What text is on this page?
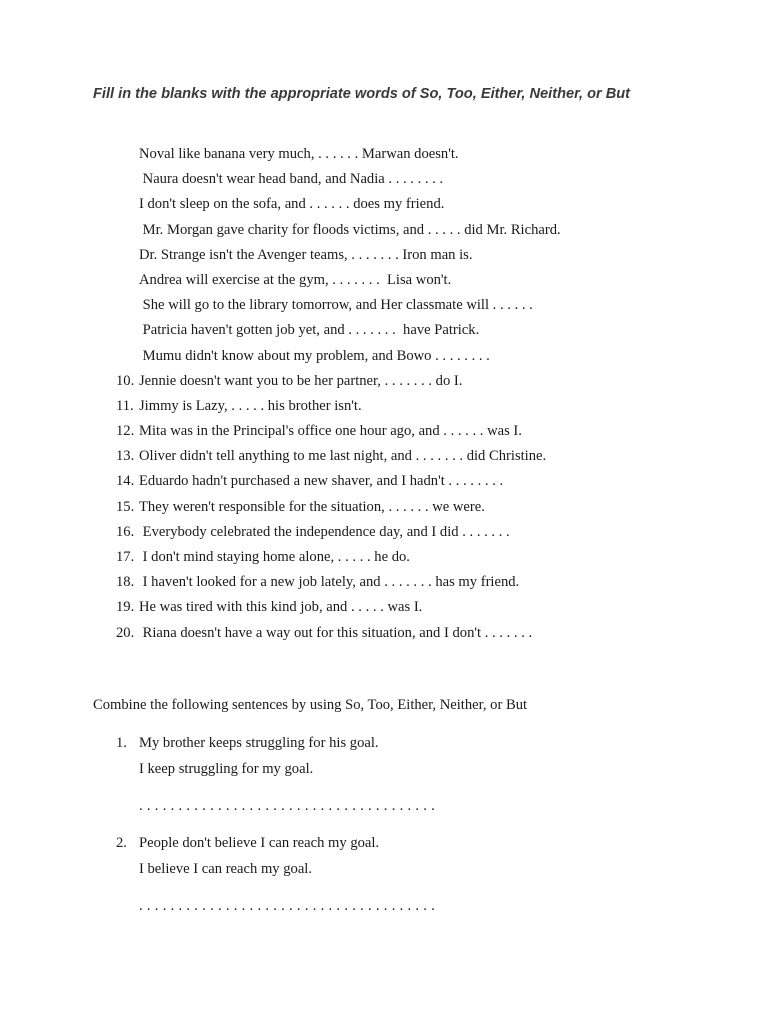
Fill in the blanks with the appropriate words of So, Too, Either, Neither, or But
Noval like banana very much, . . . . . . Marwan doesn't.
Naura doesn't wear head band, and Nadia . . . . . . . .
I don't sleep on the sofa, and . . . . . . does my friend.
Mr. Morgan gave charity for floods victims, and . . . . . did Mr. Richard.
Dr. Strange isn't the Avenger teams, . . . . . . . Iron man is.
Andrea will exercise at the gym, . . . . . . .  Lisa won't.
She will go to the library tomorrow, and Her classmate will . . . . . .
Patricia haven't gotten job yet, and . . . . . . .  have Patrick.
Mumu didn't know about my problem, and Bowo . . . . . . . .
10. Jennie doesn't want you to be her partner, . . . . . . . do I.
11. Jimmy is Lazy, . . . . . his brother isn't.
12. Mita was in the Principal's office one hour ago, and . . . . . . was I.
13. Oliver didn't tell anything to me last night, and . . . . . . . did Christine.
14. Eduardo hadn't purchased a new shaver, and I hadn't . . . . . . . .
15. They weren't responsible for the situation, . . . . . . we were.
16. Everybody celebrated the independence day, and I did . . . . . . .
17. I don't mind staying home alone, . . . . . he do.
18. I haven't looked for a new job lately, and . . . . . . . has my friend.
19. He was tired with this kind job, and . . . . . was I.
20. Riana doesn't have a way out for this situation, and I don't . . . . . . .
Combine the following sentences by using So, Too, Either, Neither, or But
1. My brother keeps struggling for his goal.
I keep struggling for my goal.
. . . . . . . . . . . . . . . . . . . . . . . . . . . . . . . . . . . . . .
2. People don't believe I can reach my goal.
I believe I can reach my goal.
. . . . . . . . . . . . . . . . . . . . . . . . . . . . . . . . . . . . . .
